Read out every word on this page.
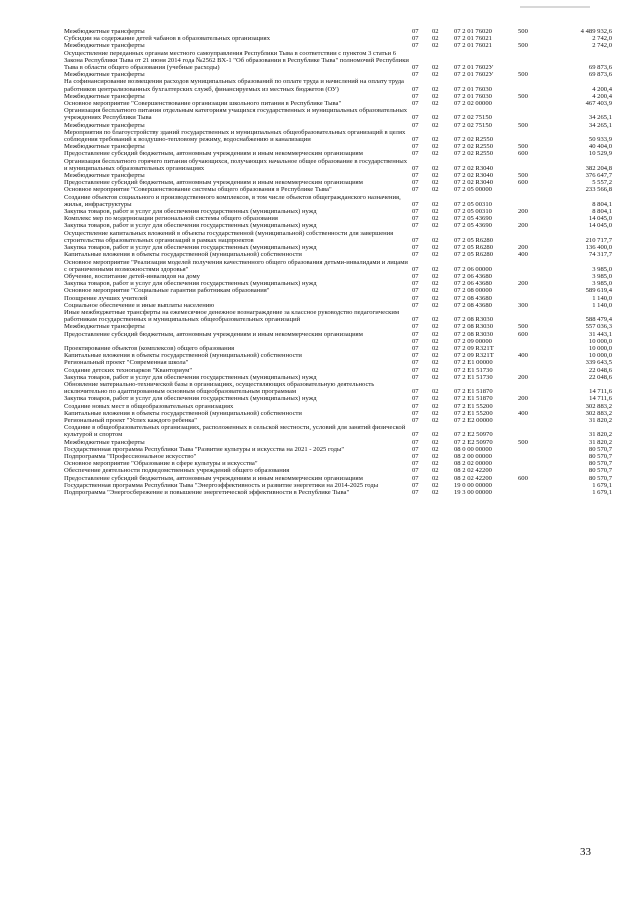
Межбюджетные трансферты	07	02	07 2 01 76020	500	4 489 932,6
Субсидии на содержание детей чабанов в образовательных организациях	07	02	07 2 01 76021		2 742,0
Межбюджетные трансферты	07	02	07 2 01 76021	500	2 742,0
Осуществление переданных органам местного самоуправления Республики Тыва в соответствии с пунктом 3 статьи 6 Закона Республики Тыва от 21 июня 2014 года №2562 ВХ-1 "Об образовании в Республике Тыва" полномочий Республики Тыва в области общего образования (учебные расходы)	07	02	07 2 01 7602У		69 873,6
Межбюджетные трансферты	07	02	07 2 01 7602У	500	69 873,6
На софинансирование возмещения расходов муниципальных образований по оплате труда и начислений на оплату труда работников централизованных бухгалтерских служб, финансируемых из местных бюджетов (ОУ)	07	02	07 2 01 76030		4 200,4
Межбюджетные трансферты	07	02	07 2 01 76030	500	4 200,4
Основное мероприятие "Совершенствование организации школьного питания в Республике Тыва"	07	02	07 2 02 00000		467 403,9
Организация бесплатного питания отдельным категориям учащихся государственных и муниципальных образовательных учреждениях Республики Тыва	07	02	07 2 02 75150		34 265,1
Межбюджетные трансферты	07	02	07 2 02 75150	500	34 265,1
Мероприятия по благоустройству зданий государственных и муниципальных общеобразовательных организаций в целях соблюдения требований к воздушно-тепловому режиму, водоснабжению и канализации	07	02	07 2 02 R2550		50 933,9
Межбюджетные трансферты	07	02	07 2 02 R2550	500	40 404,0
Предоставление субсидий бюджетным, автономным учреждениям и иным некоммерческим организациям	07	02	07 2 02 R2550	600	10 529,9
Организация бесплатного горячего питания обучающихся, получающих начальное общее образование в государственных и муниципальных образовательных организациях	07	02	07 2 02 R3040		382 204,8
Межбюджетные трансферты	07	02	07 2 02 R3040	500	376 647,7
Предоставление субсидий бюджетным, автономным учреждениям и иным некоммерческим организациям	07	02	07 2 02 R3040	600	5 557,2
Основное мероприятие "Совершенствование системы общего образования в Республике Тыва"	07	02	07 2 05 00000		233 566,8
Создание объектов социального и производственного комплексов, в том числе объектов общегражданского назначения, жилья, инфраструктуры	07	02	07 2 05 00310		8 804,1
Закупка товаров, работ и услуг для обеспечения государственных (муниципальных) нужд	07	02	07 2 05 00310	200	8 804,1
Комплекс мер по модернизации региональной системы общего образования	07	02	07 2 05 43690		14 045,0
Закупка товаров, работ и услуг для обеспечения государственных (муниципальных) нужд	07	02	07 2 05 43690	200	14 045,0
Осуществление капитальных вложений в объекты государственной (муниципальной) собственности для завершения строительства образовательных организаций в рамках нацпроектов	07	02	07 2 05 R6280		210 717,7
Закупка товаров, работ и услуг для обеспечения государственных (муниципальных) нужд	07	02	07 2 05 R6280	200	136 400,0
Капитальные вложения в объекты государственной (муниципальной) собственности	07	02	07 2 05 R6280	400	74 317,7
Основное мероприятие "Реализация моделей получения качественного общего образования детьми-инвалидами и лицами с ограниченными возможностями здоровья"	07	02	07 2 06 00000		3 985,0
Обучение, воспитание детей-инвалидов на дому	07	02	07 2 06 43680		3 985,0
Закупка товаров, работ и услуг для обеспечения государственных (муниципальных) нужд	07	02	07 2 06 43680	200	3 985,0
Основное мероприятие "Социальные гарантии работникам образования"	07	02	07 2 08 00000		589 619,4
Поощрение лучших учителей	07	02	07 2 08 43680		1 140,0
Социальное обеспечение и иные выплаты населению	07	02	07 2 08 43680	300	1 140,0
Иные межбюджетные трансферты на ежемесячное денежное вознаграждение за классное руководство педагогическим работникам государственных и муниципальных общеобразовательных организаций	07	02	07 2 08 R3030		588 479,4
Межбюджетные трансферты	07	02	07 2 08 R3030	500	557 036,3
Предоставление субсидий бюджетным, автономным учреждениям и иным некоммерческим организациям	07	02	07 2 08 R3030	600	31 443,1
	07	02	07 2 09 00000		10 000,0
Проектирование объектов (комплексов) общего образования	07	02	07 2 09 R321T		10 000,0
Капитальные вложения в объекты государственной (муниципальной) собственности	07	02	07 2 09 R321T	400	10 000,0
Региональный проект "Современная школа"	07	02	07 2 E1 00000		339 643,5
Создание детских технопарков "Кванториум"	07	02	07 2 E1 51730		22 048,6
Закупка товаров, работ и услуг для обеспечения государственных (муниципальных) нужд	07	02	07 2 E1 51730	200	22 048,6
Обновление материально-технической базы в организациях, осуществляющих образовательную деятельность исключительно по адаптированным основным общеобразовательным программам	07	02	07 2 E1 51870		14 711,6
Закупка товаров, работ и услуг для обеспечения государственных (муниципальных) нужд	07	02	07 2 E1 51870	200	14 711,6
Создание новых мест в общеобразовательных организациях	07	02	07 2 E1 55200		302 883,2
Капитальные вложения в объекты государственной (муниципальной) собственности	07	02	07 2 E1 55200	400	302 883,2
Региональный проект "Успех каждого ребенка"	07	02	07 2 E2 00000		31 820,2
Создание в общеобразовательных организациях, расположенных в сельской местности, условий для занятий физической культурой и спортом	07	02	07 2 E2 50970		31 820,2
Межбюджетные трансферты	07	02	07 2 E2 50970	500	31 820,2
Государственная программа Республики Тыва "Развитие культуры и искусства на 2021 - 2025 годы"	07	02	08 0 00 00000		80 570,7
Подпрограмма "Профессиональное искусство"	07	02	08 2 00 00000		80 570,7
Основное мероприятие "Образование в сфере культуры и искусства"	07	02	08 2 02 00000		80 570,7
Обеспечение деятельности подведомственных учреждений общего образования	07	02	08 2 02 42200		80 570,7
Предоставление субсидий бюджетным, автономным учреждениям и иным некоммерческим организациям	07	02	08 2 02 42200	600	80 570,7
Государственная программа Республики Тыва "Энергоэффективность и развитие энергетики на 2014-2025 годы	07	02	19 0 00 00000		1 679,1
Подпрограмма "Энергосбережение и повышение энергетической эффективности в Республике Тыва"	07	02	19 3 00 00000		1 679,1
33
